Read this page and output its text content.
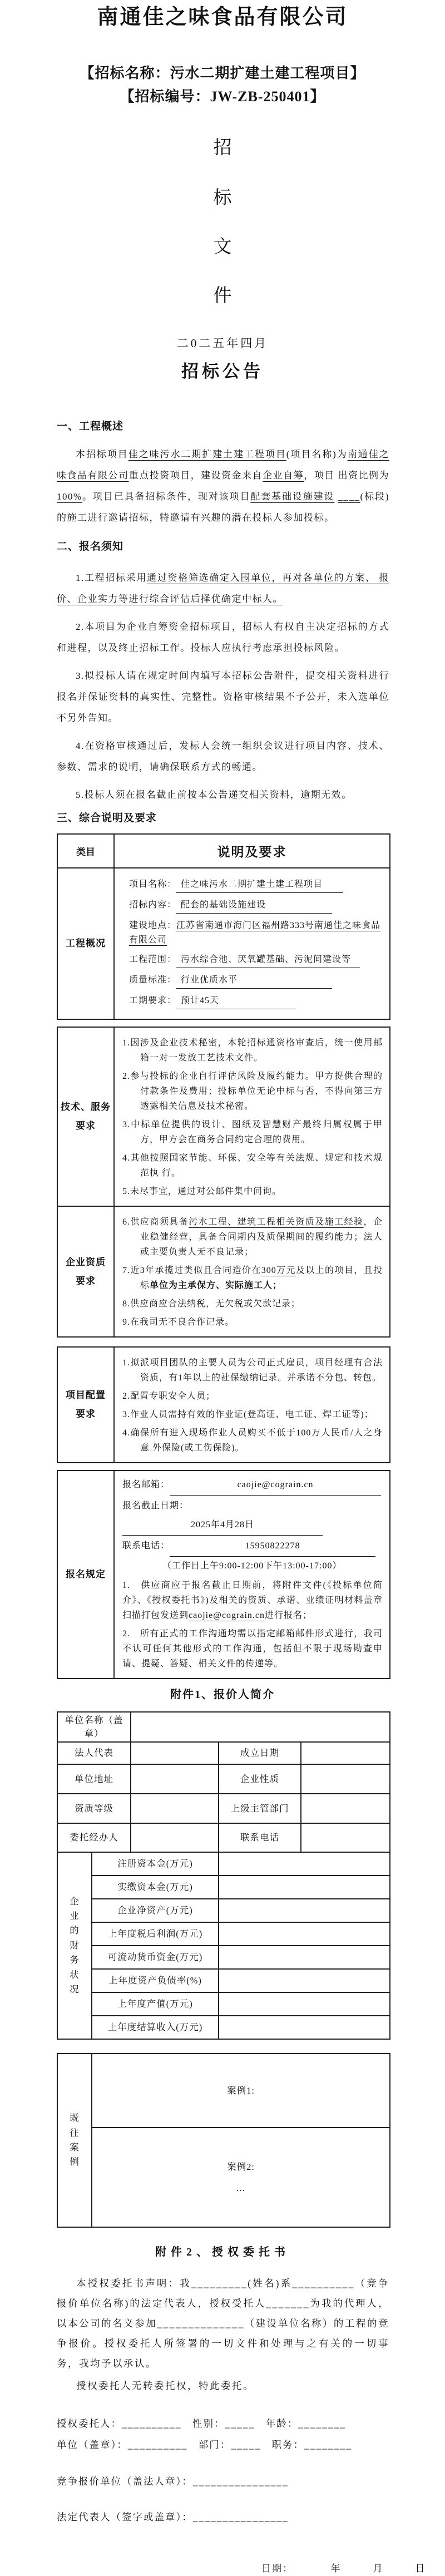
南通佳之味食品有限公司
【招标名称：污水二期扩建土建工程项目】
【招标编号：JW-ZB-250401】
招
标
文
件
二0二五年四月
招标公告
一、工程概述
本招标项目佳之味污水二期扩建土建工程项目(项目名称)为南通佳之味食品有限公司重点投资项目，建设资金来自企业自筹，项目 出资比例为100%。项目已具备招标条件，现对该项目配套基础设施建设 ____(标段)的施工进行邀请招标，特邀请有兴趣的潜在投标人参加投标。
二、报名须知
1.工程招标采用通过资格筛选确定入围单位，再对各单位的方案、 报价、企业实力等进行综合评估后择优确定中标人。
2.本项目为企业自筹资金招标项目，招标人有权自主决定招标的方式 和进程，以及终止招标工作。投标人应执行考虑承担投标风险。
3.拟投标人请在规定时间内填写本招标公告附件，提交相关资料进行 报名并保证资料的真实性、完整性。资格审核结果不予公开，未入选单位 不另外告知。
4.在资格审核通过后，发标人会统一组织会议进行项目内容、技术、 参数、需求的说明，请确保联系方式的畅通。
5.投标人须在报名截止前按本公告递交相关资料，逾期无效。
三、综合说明及要求
类目	说明及要求
工程概况	
项目名称： 佳之味污水二期扩建土建工程项目
招标内容： 配套的基础设施建设
建设地点：江苏省南通市海门区福州路333号南通佳之味食品有限公司
工程范围： 污水综合池、厌氧罐基础、污泥间建设等
质量标准： 行业优质水平
工期要求： 预计45天
技术、服务
要求

1.因涉及企业技术秘密，本轮招标通资格审查后，统一使用邮箱一对一发放工艺技术文件。
2.参与投标的企业自行评估风险及履约能力。甲方提供合理的付款条件及费用；投标单位无论中标与否，不得向第三方透露相关信息及技术秘密。
3.中标单位提供的设计、图纸及智慧财产最终归属权属于甲方，甲方会在商务合同约定合理的费用。
4.其他按照国家节能、环保、安全等有关法规、规定和技术规范执 行。
5.未尽事宜，通过对公邮件集中问询。

企业资质
要求

6.供应商须具备污水工程、建筑工程相关资质及施工经验，企业稳健经营，具备合同期内及质保期间的履约能力；法人或主要负责人无不良记录；
7.近3年承揽过类似且合同造价在300万元及以上的项目，且投标单位为主承保方、实际施工人；
8.供应商应合法纳税，无欠税或欠款记录；
9.在我司无不良合作记录。
项目配置
要求

1.拟派项目团队的主要人员为公司正式雇员，项目经理有合法资质，有1年以上的社保缴纳记录。并承诺不分包、转包。
2.配置专职安全人员；
3.作业人员需持有效的作业证(登高证、电工证、焊工证等)；
4.确保所有进入现场作业人员购买不低于100万人民币/人之身意 外保险(或工伤保险)。
报名规定	
报名邮箱：	caojie@cograin.cn
报名截止日期：2025年4月28日
联系电话：	15950822278
（工作日上午9:00-12:00下午13:00-17:00）
1.　供应商应于报名截止日期前，将附件文件(《投标单位简介》、《授权委托书》)及相关的资质、承诺、业绩证明材料盖章扫描打包发送到caojie@cograin.cn进行报名；
2.　所有正式的工作沟通均需以指定邮箱邮件形式进行，我司不认可任何其他形式的工作沟通，包括但不限于现场勘查申请、提疑、答疑、相关文件的传递等。
附件1、报价人简介
单位名称（盖章）				
法人代表			成立日期	
单位地址			企业性质	
资质等级			上级主管部门	
委托经办人			联系电话	
企业的财务状况	注册资本金(万元)			
	实缴资本金(万元)			
	企业净资产(万元)			
	上年度税后利润(万元)			
	可流动货币资金(万元)			
	上年度资产负债率(%)			
	上年度产值(万元)			
	上年度结算收入(万元)			
既往案例	案例1:

案例2:
…
附件2、授权委托书
本授权委托书声明：我_________(姓名)系__________（竞争报价单位名称)的法定代表人，授权受托人_______为我的代理人，以本公司的名义参加______________（建设单位名称）的工程的竞争报价。授权委托人所签署的一切文件和处理与之有关的一切事务，我均予以承认。
授权委托人无转委托权，特此委托。
授权委托人：__________　性别：_____　年龄：________
单位（盖章）：__________　部门：_____　职务：________
竞争报价单位（盖法人章）：________________
法定代表人（签字或盖章）：________________
日期：　　　　年　　　月　　　日
